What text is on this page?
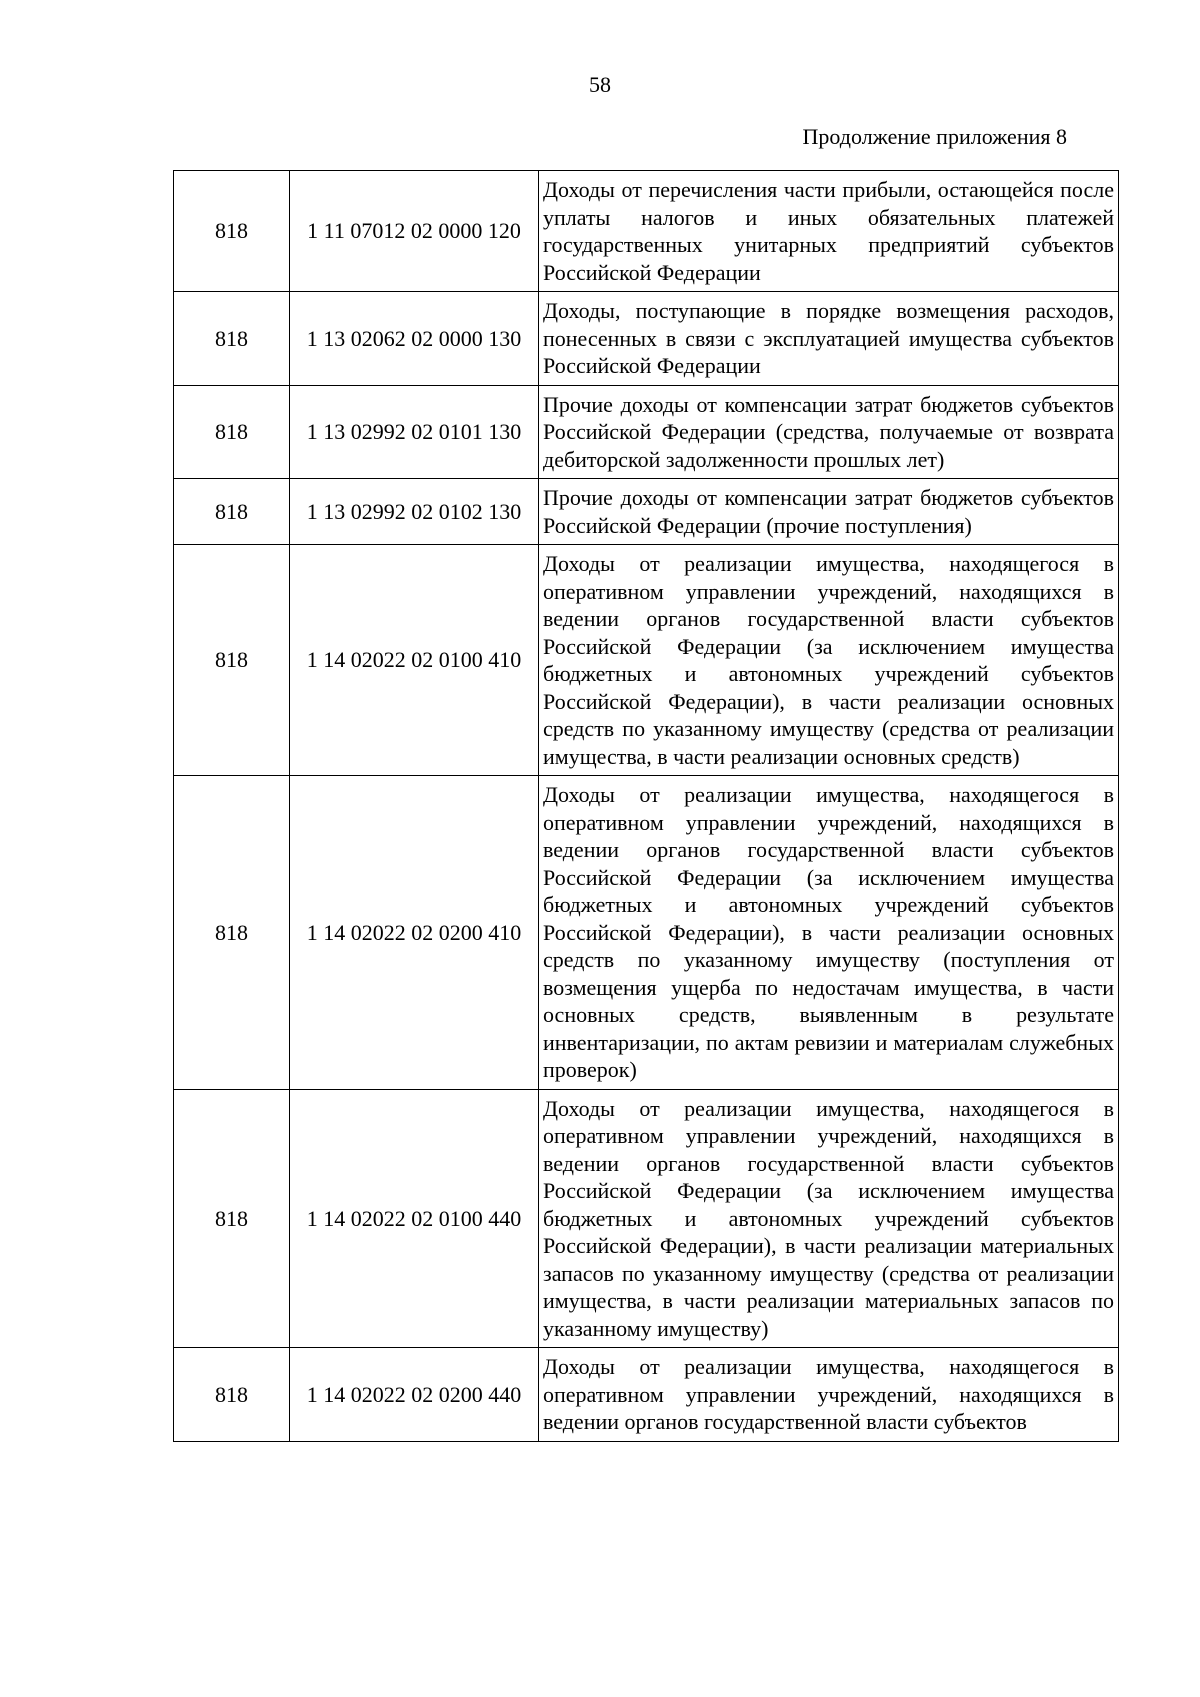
58
Продолжение приложения 8
818	1 11 07012 02 0000 120	Доходы от перечисления части прибыли, остающейся после уплаты налогов и иных обязательных платежей государственных унитарных предприятий субъектов Российской Федерации
818	1 13 02062 02 0000 130	Доходы, поступающие в порядке возмещения расходов, понесенных в связи с эксплуатацией имущества субъектов Российской Федерации
818	1 13 02992 02 0101 130	Прочие доходы от компенсации затрат бюджетов субъектов Российской Федерации (средства, получаемые от возврата дебиторской задолженности прошлых лет)
818	1 13 02992 02 0102 130	Прочие доходы от компенсации затрат бюджетов субъектов Российской Федерации (прочие поступления)
818	1 14 02022 02 0100 410	Доходы от реализации имущества, находящегося в оперативном управлении учреждений, находящихся в ведении органов государственной власти субъектов Российской Федерации (за исключением имущества бюджетных и автономных учреждений субъектов Российской Федерации), в части реализации основных средств по указанному имуществу (средства от реализации имущества, в части реализации основных средств)
818	1 14 02022 02 0200 410	Доходы от реализации имущества, находящегося в оперативном управлении учреждений, находящихся в ведении органов государственной власти субъектов Российской Федерации (за исключением имущества бюджетных и автономных учреждений субъектов Российской Федерации), в части реализации основных средств по указанному имуществу (поступления от возмещения ущерба по недостачам имущества, в части основных средств, выявленным в результате инвентаризации, по актам ревизии и материалам служебных проверок)
818	1 14 02022 02 0100 440	Доходы от реализации имущества, находящегося в оперативном управлении учреждений, находящихся в ведении органов государственной власти субъектов Российской Федерации (за исключением имущества бюджетных и автономных учреждений субъектов Российской Федерации), в части реализации материальных запасов по указанному имуществу (средства от реализации имущества, в части реализации материальных запасов по указанному имуществу)
818	1 14 02022 02 0200 440	Доходы от реализации имущества, находящегося в оперативном управлении учреждений, находящихся в ведении органов государственной власти субъектов
